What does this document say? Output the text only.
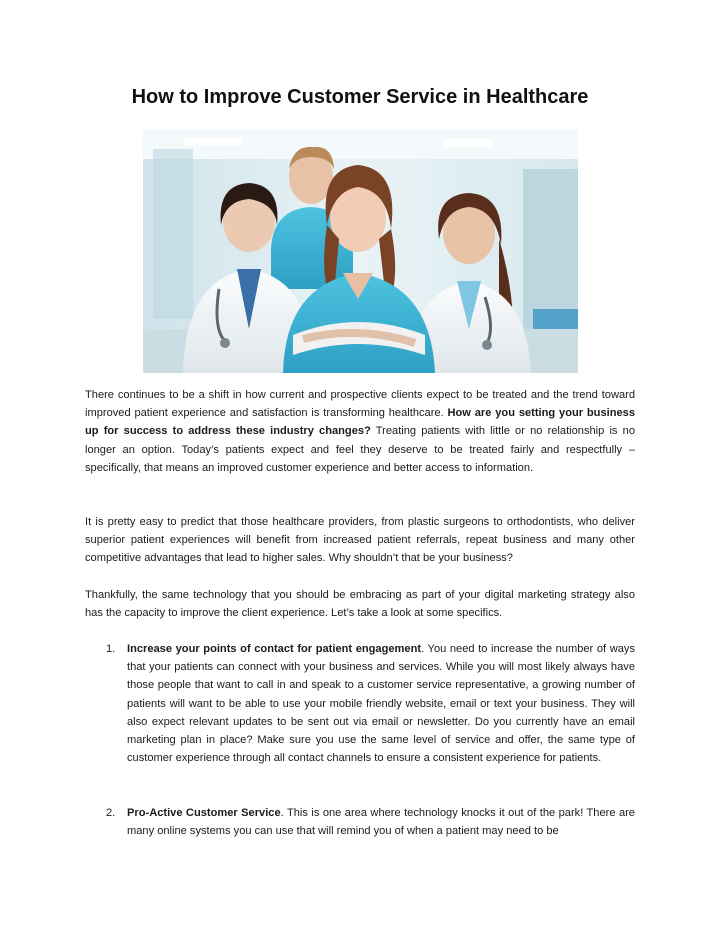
How to Improve Customer Service in Healthcare

There continues to be a shift in how current and prospective clients expect to be treated and the trend toward improved patient experience and satisfaction is transforming healthcare. How are you setting your business up for success to address these industry changes? Treating patients with little or no relationship is no longer an option. Today’s patients expect and feel they deserve to be treated fairly and respectfully – specifically, that means an improved customer experience and better access to information.

It is pretty easy to predict that those healthcare providers, from plastic surgeons to orthodontists, who deliver superior patient experiences will benefit from increased patient referrals, repeat business and many other competitive advantages that lead to higher sales. Why shouldn’t that be your business?

Thankfully, the same technology that you should be embracing as part of your digital marketing strategy also has the capacity to improve the client experience. Let’s take a look at some specifics.

1. Increase your points of contact for patient engagement. You need to increase the number of ways that your patients can connect with your business and services. While you will most likely always have those people that want to call in and speak to a customer service representative, a growing number of patients will want to be able to use your mobile friendly website, email or text your business. They will also expect relevant updates to be sent out via email or newsletter. Do you currently have an email marketing plan in place? Make sure you use the same level of service and offer, the same type of customer experience through all contact channels to ensure a consistent experience for patients.
2. Pro-Active Customer Service. This is one area where technology knocks it out of the park! There are many online systems you can use that will remind you of when a patient may need to be
